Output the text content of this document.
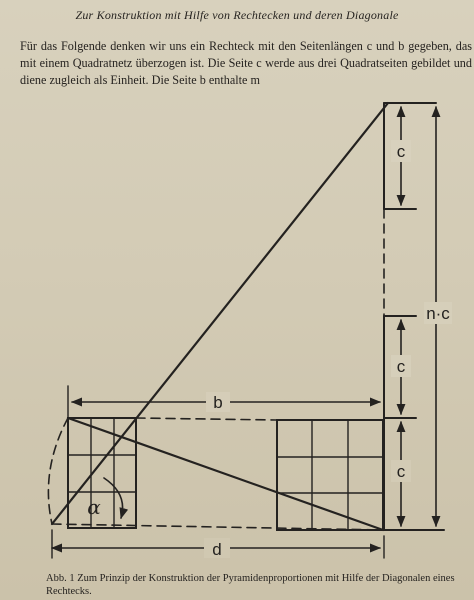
Zur Konstruktion mit Hilfe von Rechtecken und deren Diagonale

Für das Folgende denken wir uns ein Rechteck mit den Seitenlängen c und b gegeben, das mit einem Quadratnetz überzogen ist. Die Seite c werde aus drei Quadratseiten gebildet und diene zugleich als Einheit. Die Seite b enthalte m

c
c
c
n·c
b
d
α
Abb. 1 Zum Prinzip der Konstruktion der Pyramidenproportionen mit Hilfe der Diagonalen eines Rechtecks.
